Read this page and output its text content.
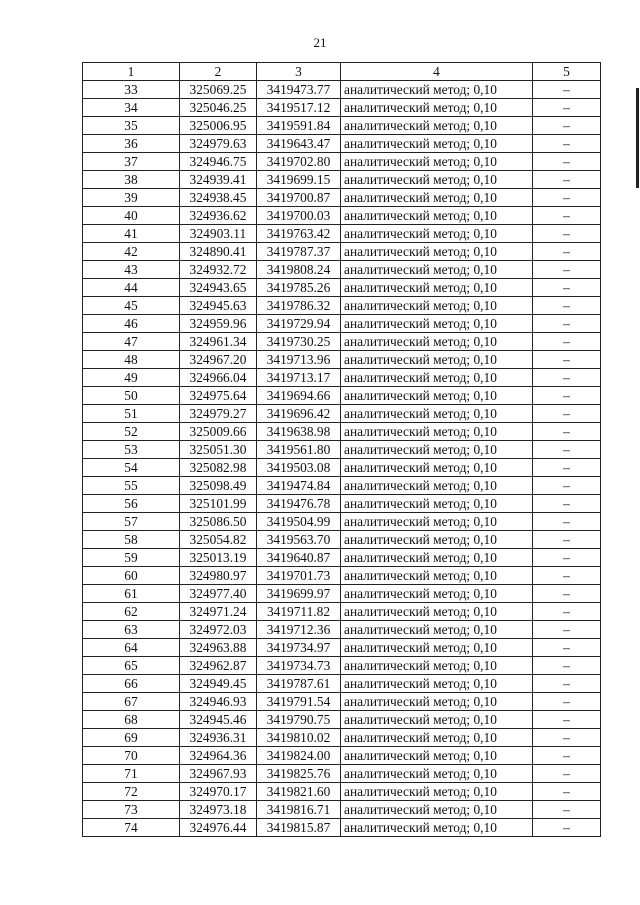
21
1	2	3	4	5
33	325069.25	3419473.77	аналитический метод; 0,10	–
34	325046.25	3419517.12	аналитический метод; 0,10	–
35	325006.95	3419591.84	аналитический метод; 0,10	–
36	324979.63	3419643.47	аналитический метод; 0,10	–
37	324946.75	3419702.80	аналитический метод; 0,10	–
38	324939.41	3419699.15	аналитический метод; 0,10	–
39	324938.45	3419700.87	аналитический метод; 0,10	–
40	324936.62	3419700.03	аналитический метод; 0,10	–
41	324903.11	3419763.42	аналитический метод; 0,10	–
42	324890.41	3419787.37	аналитический метод; 0,10	–
43	324932.72	3419808.24	аналитический метод; 0,10	–
44	324943.65	3419785.26	аналитический метод; 0,10	–
45	324945.63	3419786.32	аналитический метод; 0,10	–
46	324959.96	3419729.94	аналитический метод; 0,10	–
47	324961.34	3419730.25	аналитический метод; 0,10	–
48	324967.20	3419713.96	аналитический метод; 0,10	–
49	324966.04	3419713.17	аналитический метод; 0,10	–
50	324975.64	3419694.66	аналитический метод; 0,10	–
51	324979.27	3419696.42	аналитический метод; 0,10	–
52	325009.66	3419638.98	аналитический метод; 0,10	–
53	325051.30	3419561.80	аналитический метод; 0,10	–
54	325082.98	3419503.08	аналитический метод; 0,10	–
55	325098.49	3419474.84	аналитический метод; 0,10	–
56	325101.99	3419476.78	аналитический метод; 0,10	–
57	325086.50	3419504.99	аналитический метод; 0,10	–
58	325054.82	3419563.70	аналитический метод; 0,10	–
59	325013.19	3419640.87	аналитический метод; 0,10	–
60	324980.97	3419701.73	аналитический метод; 0,10	–
61	324977.40	3419699.97	аналитический метод; 0,10	–
62	324971.24	3419711.82	аналитический метод; 0,10	–
63	324972.03	3419712.36	аналитический метод; 0,10	–
64	324963.88	3419734.97	аналитический метод; 0,10	–
65	324962.87	3419734.73	аналитический метод; 0,10	–
66	324949.45	3419787.61	аналитический метод; 0,10	–
67	324946.93	3419791.54	аналитический метод; 0,10	–
68	324945.46	3419790.75	аналитический метод; 0,10	–
69	324936.31	3419810.02	аналитический метод; 0,10	–
70	324964.36	3419824.00	аналитический метод; 0,10	–
71	324967.93	3419825.76	аналитический метод; 0,10	–
72	324970.17	3419821.60	аналитический метод; 0,10	–
73	324973.18	3419816.71	аналитический метод; 0,10	–
74	324976.44	3419815.87	аналитический метод; 0,10	–
